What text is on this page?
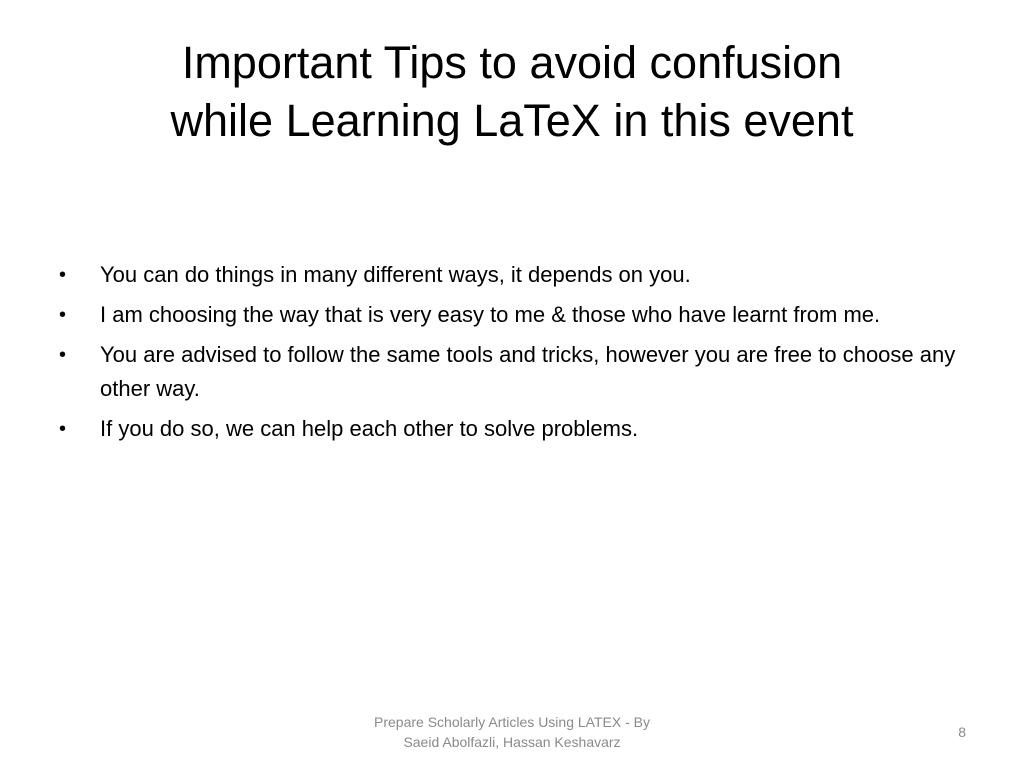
Important Tips to avoid confusion
while Learning LaTeX in this event
• You can do things in many different ways, it depends on you.
• I am choosing the way that is very easy to me & those who have learnt from me.
• You are advised to follow the same tools and tricks, however you are free to choose any other way.
• If you do so, we can help each other to solve problems.
Prepare Scholarly Articles Using LATEX - By
Saeid Abolfazli, Hassan Keshavarz
8
